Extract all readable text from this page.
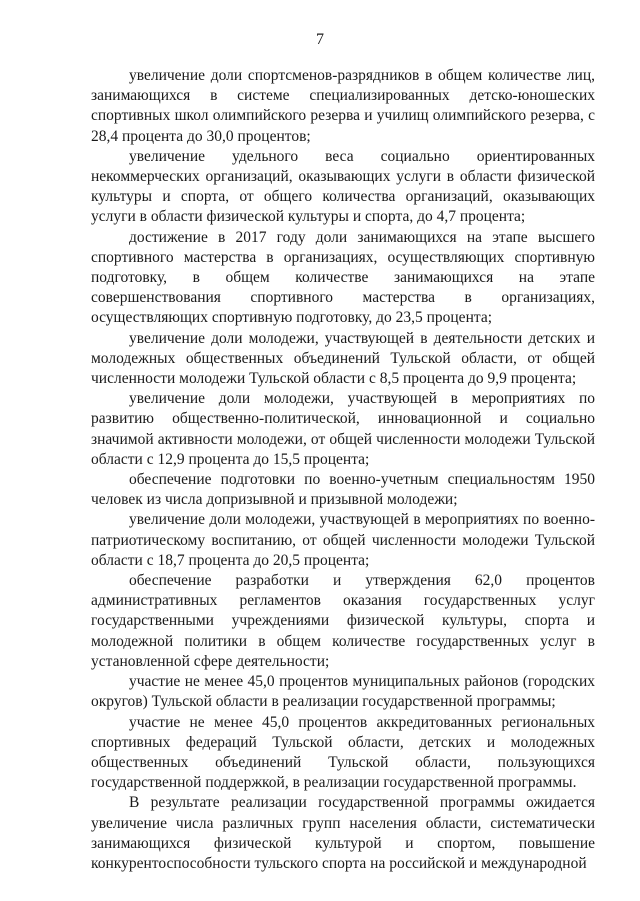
7

увеличение доли спортсменов-разрядников в общем количестве лиц, занимающихся в системе специализированных детско-юношеских спортивных школ олимпийского резерва и училищ олимпийского резерва, с 28,4 процента до 30,0 процентов;

увеличение удельного веса социально ориентированных некоммерческих организаций, оказывающих услуги в области физической культуры и спорта, от общего количества организаций, оказывающих услуги в области физической культуры и спорта, до 4,7 процента;

достижение в 2017 году доли занимающихся на этапе высшего спортивного мастерства в организациях, осуществляющих спортивную подготовку, в общем количестве занимающихся на этапе совершенствования спортивного мастерства в организациях, осуществляющих спортивную подготовку, до 23,5 процента;

увеличение доли молодежи, участвующей в деятельности детских и молодежных общественных объединений Тульской области, от общей численности молодежи Тульской области с 8,5 процента до 9,9 процента;

увеличение доли молодежи, участвующей в мероприятиях по развитию общественно-политической, инновационной и социально значимой активности молодежи, от общей численности молодежи Тульской области с 12,9 процента до 15,5 процента;

обеспечение подготовки по военно-учетным специальностям 1950 человек из числа допризывной и призывной молодежи;

увеличение доли молодежи, участвующей в мероприятиях по военно-патриотическому воспитанию, от общей численности молодежи Тульской области с 18,7 процента до 20,5 процента;

обеспечение разработки и утверждения 62,0 процентов административных регламентов оказания государственных услуг государственными учреждениями физической культуры, спорта и молодежной политики в общем количестве государственных услуг в установленной сфере деятельности;

участие не менее 45,0 процентов муниципальных районов (городских округов) Тульской области в реализации государственной программы;

участие не менее 45,0 процентов аккредитованных региональных спортивных федераций Тульской области, детских и молодежных общественных объединений Тульской области, пользующихся государственной поддержкой, в реализации государственной программы.

В результате реализации государственной программы ожидается увеличение числа различных групп населения области, систематически занимающихся физической культурой и спортом, повышение конкурентоспособности тульского спорта на российской и международной
